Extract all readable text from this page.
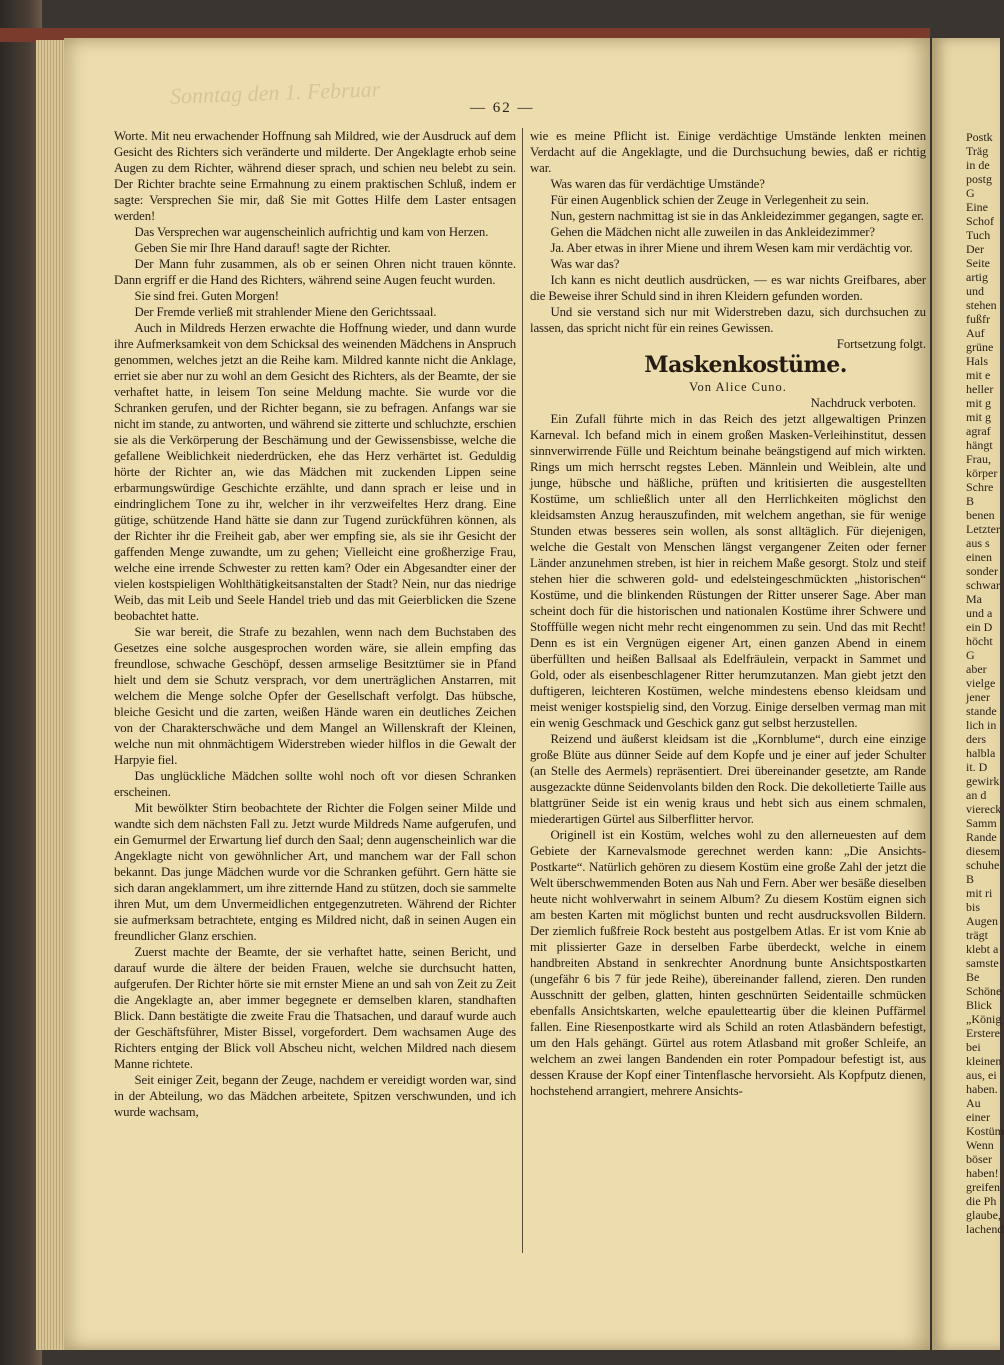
Sonntag den 1. Februar	— 62 —

Worte. Mit neu erwachender Hoffnung sah Mildred, wie der Ausdruck auf dem Gesicht des Richters sich veränderte und milderte. Der Angeklagte erhob seine Augen zu dem Richter, während dieser sprach, und schien neu belebt zu sein. Der Richter brachte seine Ermahnung zu einem praktischen Schluß, indem er sagte: Versprechen Sie mir, daß Sie mit Gottes Hilfe dem Laster entsagen werden!

Das Versprechen war augenscheinlich aufrichtig und kam von Herzen.

Geben Sie mir Ihre Hand darauf! sagte der Richter.

Der Mann fuhr zusammen, als ob er seinen Ohren nicht trauen könnte. Dann ergriff er die Hand des Richters, während seine Augen feucht wurden.

Sie sind frei. Guten Morgen!

Der Fremde verließ mit strahlender Miene den Gerichtssaal.

Auch in Mildreds Herzen erwachte die Hoffnung wieder, und dann wurde ihre Aufmerksamkeit von dem Schicksal des weinenden Mädchens in Anspruch genommen, welches jetzt an die Reihe kam. Mildred kannte nicht die Anklage, erriet sie aber nur zu wohl an dem Gesicht des Richters, als der Beamte, der sie verhaftet hatte, in leisem Ton seine Meldung machte. Sie wurde vor die Schranken gerufen, und der Richter begann, sie zu befragen. Anfangs war sie nicht im stande, zu antworten, und während sie zitterte und schluchzte, erschien sie als die Verkörperung der Beschämung und der Gewissensbisse, welche die gefallene Weiblichkeit niederdrücken, ehe das Herz verhärtet ist. Geduldig hörte der Richter an, wie das Mädchen mit zuckenden Lippen seine erbarmungswürdige Geschichte erzählte, und dann sprach er leise und in eindringlichem Tone zu ihr, welcher in ihr verzweifeltes Herz drang. Eine gütige, schützende Hand hätte sie dann zur Tugend zurückführen können, als der Richter ihr die Freiheit gab, aber wer empfing sie, als sie ihr Gesicht der gaffenden Menge zuwandte, um zu gehen; Vielleicht eine großherzige Frau, welche eine irrende Schwester zu retten kam? Oder ein Abgesandter einer der vielen kostspieligen Wohlthätigkeitsanstalten der Stadt? Nein, nur das niedrige Weib, das mit Leib und Seele Handel trieb und das mit Geierblicken die Szene beobachtet hatte.

Sie war bereit, die Strafe zu bezahlen, wenn nach dem Buchstaben des Gesetzes eine solche ausgesprochen worden wäre, sie allein empfing das freundlose, schwache Geschöpf, dessen armselige Besitztümer sie in Pfand hielt und dem sie Schutz versprach, vor dem unerträglichen Anstarren, mit welchem die Menge solche Opfer der Gesellschaft verfolgt. Das hübsche, bleiche Gesicht und die zarten, weißen Hände waren ein deutliches Zeichen von der Charakterschwäche und dem Mangel an Willenskraft der Kleinen, welche nun mit ohnmächtigem Widerstreben wieder hilflos in die Gewalt der Harpyie fiel.

Das unglückliche Mädchen sollte wohl noch oft vor diesen Schranken erscheinen.

Mit bewölkter Stirn beobachtete der Richter die Folgen seiner Milde und wandte sich dem nächsten Fall zu. Jetzt wurde Mildreds Name aufgerufen, und ein Gemurmel der Erwartung lief durch den Saal; denn augenscheinlich war die Angeklagte nicht von gewöhnlicher Art, und manchem war der Fall schon bekannt. Das junge Mädchen wurde vor die Schranken geführt. Gern hätte sie sich daran angeklammert, um ihre zitternde Hand zu stützen, doch sie sammelte ihren Mut, um dem Unvermeidlichen entgegenzutreten. Während der Richter sie aufmerksam betrachtete, entging es Mildred nicht, daß in seinen Augen ein freundlicher Glanz erschien.

Zuerst machte der Beamte, der sie verhaftet hatte, seinen Bericht, und darauf wurde die ältere der beiden Frauen, welche sie durchsucht hatten, aufgerufen. Der Richter hörte sie mit ernster Miene an und sah von Zeit zu Zeit die Angeklagte an, aber immer begegnete er demselben klaren, standhaften Blick. Dann bestätigte die zweite Frau die Thatsachen, und darauf wurde auch der Geschäftsführer, Mister Bissel, vorgefordert. Dem wachsamen Auge des Richters entging der Blick voll Abscheu nicht, welchen Mildred nach diesem Manne richtete.

Seit einiger Zeit, begann der Zeuge, nachdem er vereidigt worden war, sind in der Abteilung, wo das Mädchen arbeitete, Spitzen verschwunden, und ich wurde wachsam,

wie es meine Pflicht ist. Einige verdächtige Umstände lenkten meinen Verdacht auf die Angeklagte, und die Durchsuchung bewies, daß er richtig war.

Was waren das für verdächtige Umstände?

Für einen Augenblick schien der Zeuge in Verlegenheit zu sein.

Nun, gestern nachmittag ist sie in das Ankleidezimmer gegangen, sagte er.

Gehen die Mädchen nicht alle zuweilen in das Ankleidezimmer?

Ja. Aber etwas in ihrer Miene und ihrem Wesen kam mir verdächtig vor.

Was war das?

Ich kann es nicht deutlich ausdrücken, — es war nichts Greifbares, aber die Beweise ihrer Schuld sind in ihren Kleidern gefunden worden.

Und sie verstand sich nur mit Widerstreben dazu, sich durchsuchen zu lassen, das spricht nicht für ein reines Gewissen.

Fortsetzung folgt.

Maskenkostüme.

Von Alice Cuno.

Nachdruck verboten.

Ein Zufall führte mich in das Reich des jetzt allgewaltigen Prinzen Karneval. Ich befand mich in einem großen Masken-Verleihinstitut, dessen sinnverwirrende Fülle und Reichtum beinahe beängstigend auf mich wirkten. Rings um mich herrscht regstes Leben. Männlein und Weiblein, alte und junge, hübsche und häßliche, prüften und kritisierten die ausgestellten Kostüme, um schließlich unter all den Herrlichkeiten möglichst den kleidsamsten Anzug herauszufinden, mit welchem angethan, sie für wenige Stunden etwas besseres sein wollen, als sonst alltäglich. Für diejenigen, welche die Gestalt von Menschen längst vergangener Zeiten oder ferner Länder anzunehmen streben, ist hier in reichem Maße gesorgt. Stolz und steif stehen hier die schweren gold- und edelsteingeschmückten „historischen“ Kostüme, und die blinkenden Rüstungen der Ritter unserer Sage. Aber man scheint doch für die historischen und nationalen Kostüme ihrer Schwere und Stofffülle wegen nicht mehr recht eingenommen zu sein. Und das mit Recht! Denn es ist ein Vergnügen eigener Art, einen ganzen Abend in einem überfüllten und heißen Ballsaal als Edelfräulein, verpackt in Sammet und Gold, oder als eisenbeschlagener Ritter herumzutanzen. Man giebt jetzt den duftigeren, leichteren Kostümen, welche mindestens ebenso kleidsam und meist weniger kostspielig sind, den Vorzug. Einige derselben vermag man mit ein wenig Geschmack und Geschick ganz gut selbst herzustellen.

Reizend und äußerst kleidsam ist die „Kornblume“, durch eine einzige große Blüte aus dünner Seide auf dem Kopfe und je einer auf jeder Schulter (an Stelle des Aermels) repräsentiert. Drei übereinander gesetzte, am Rande ausgezackte dünne Seidenvolants bilden den Rock. Die dekolletierte Taille aus blattgrüner Seide ist ein wenig kraus und hebt sich aus einem schmalen, miederartigen Gürtel aus Silberflitter hervor.

Originell ist ein Kostüm, welches wohl zu den allerneuesten auf dem Gebiete der Karnevalsmode gerechnet werden kann: „Die Ansichts-Postkarte“. Natürlich gehören zu diesem Kostüm eine große Zahl der jetzt die Welt überschwemmenden Boten aus Nah und Fern. Aber wer besäße dieselben heute nicht wohlverwahrt in seinem Album? Zu diesem Kostüm eignen sich am besten Karten mit möglichst bunten und recht ausdrucksvollen Bildern. Der ziemlich fußfreie Rock besteht aus postgelbem Atlas. Er ist vom Knie ab mit plissierter Gaze in derselben Farbe überdeckt, welche in einem handbreiten Abstand in senkrechter Anordnung bunte Ansichtspostkarten (ungefähr 6 bis 7 für jede Reihe), übereinander fallend, zieren. Den runden Ausschnitt der gelben, glatten, hinten geschnürten Seidentaille schmücken ebenfalls Ansichtskarten, welche epauletteartig über die kleinen Puffärmel fallen. Eine Riesenpostkarte wird als Schild an roten Atlasbändern befestigt, um den Hals gehängt. Gürtel aus rotem Atlasband mit großer Schleife, an welchem an zwei langen Bandenden ein roter Pompadour befestigt ist, aus dessen Krause der Kopf einer Tintenflasche hervorsieht. Als Kopfputz dienen, hochstehend arrangiert, mehrere Ansichts-

Postk
Träg
in de
postg
G
Eine
Schof
Tuch
Der
Seite
artig
und
stehen
fußfr
Auf
grüne
Hals
mit e
heller
mit g
mit g
agraf
hängt
Frau,
körper
Schre
B
benen
Letzter
aus s
einen
sonder
schwar
Ma
und a
ein D
höcht
G
aber
vielge
jener
stande
lich in
ders
halbla
it. D
gewirk
an d
viereck
Samm
Rande
diesem
schuhe
B
mit ri
bis
Augen
trägt
klebt a
samste
Be
Schöne
Blick
„König
Erstere
bei
kleinen
aus, ei
haben.
Au
einer
Kostüm
Wenn
böser
haben!
greifen
die Ph
glaube,
lachend
